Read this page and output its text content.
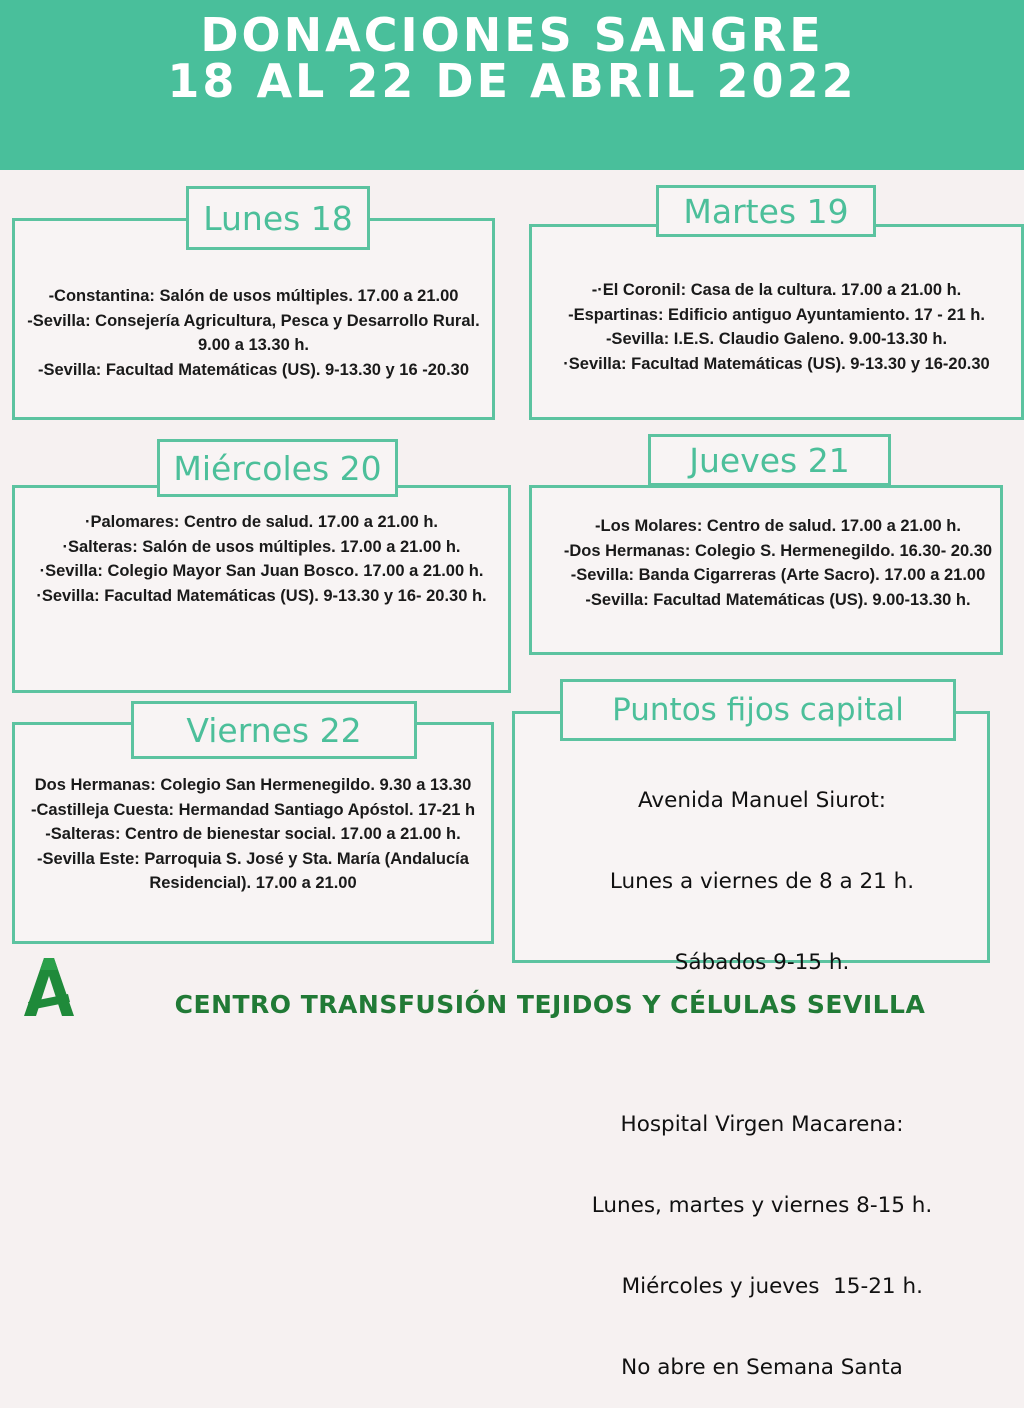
DONACIONES SANGRE
18 AL 22 DE ABRIL 2022
Lunes 18
-Constantina: Salón de usos múltiples. 17.00 a 21.00
-Sevilla: Consejería Agricultura, Pesca y Desarrollo Rural.
9.00 a 13.30 h.
-Sevilla: Facultad Matemáticas (US). 9-13.30 y 16 -20.30
Martes 19
-·El Coronil: Casa de la cultura. 17.00 a 21.00 h.
-Espartinas: Edificio antiguo Ayuntamiento. 17 - 21 h.
-Sevilla: I.E.S. Claudio Galeno. 9.00-13.30 h.
·Sevilla: Facultad Matemáticas (US). 9-13.30 y 16-20.30
Miércoles 20
·Palomares: Centro de salud. 17.00 a 21.00 h.
·Salteras: Salón de usos múltiples. 17.00 a 21.00 h.
·Sevilla: Colegio Mayor San Juan Bosco. 17.00 a 21.00 h.
·Sevilla: Facultad Matemáticas (US). 9-13.30 y 16- 20.30 h.
Jueves 21
-Los Molares: Centro de salud. 17.00 a 21.00 h.
-Dos Hermanas: Colegio S. Hermenegildo. 16.30- 20.30
-Sevilla: Banda Cigarreras (Arte Sacro). 17.00 a 21.00
-Sevilla: Facultad Matemáticas (US). 9.00-13.30 h.
Viernes 22
Dos Hermanas: Colegio San Hermenegildo. 9.30 a 13.30
-Castilleja Cuesta: Hermandad Santiago Apóstol. 17-21 h
-Salteras: Centro de bienestar social. 17.00 a 21.00 h.
-Sevilla Este: Parroquia S. José y Sta. María (Andalucía
Residencial). 17.00 a 21.00
Puntos fijos capital

Avenida Manuel Siurot:

Lunes a viernes de 8 a 21 h.

Sábados 9-15 h.

Hospital Virgen Macarena:

Lunes, martes y viernes 8-15 h.

Miércoles y jueves  15-21 h.

No abre en Semana Santa

CENTRO TRANSFUSIÓN TEJIDOS Y CÉLULAS SEVILLA
